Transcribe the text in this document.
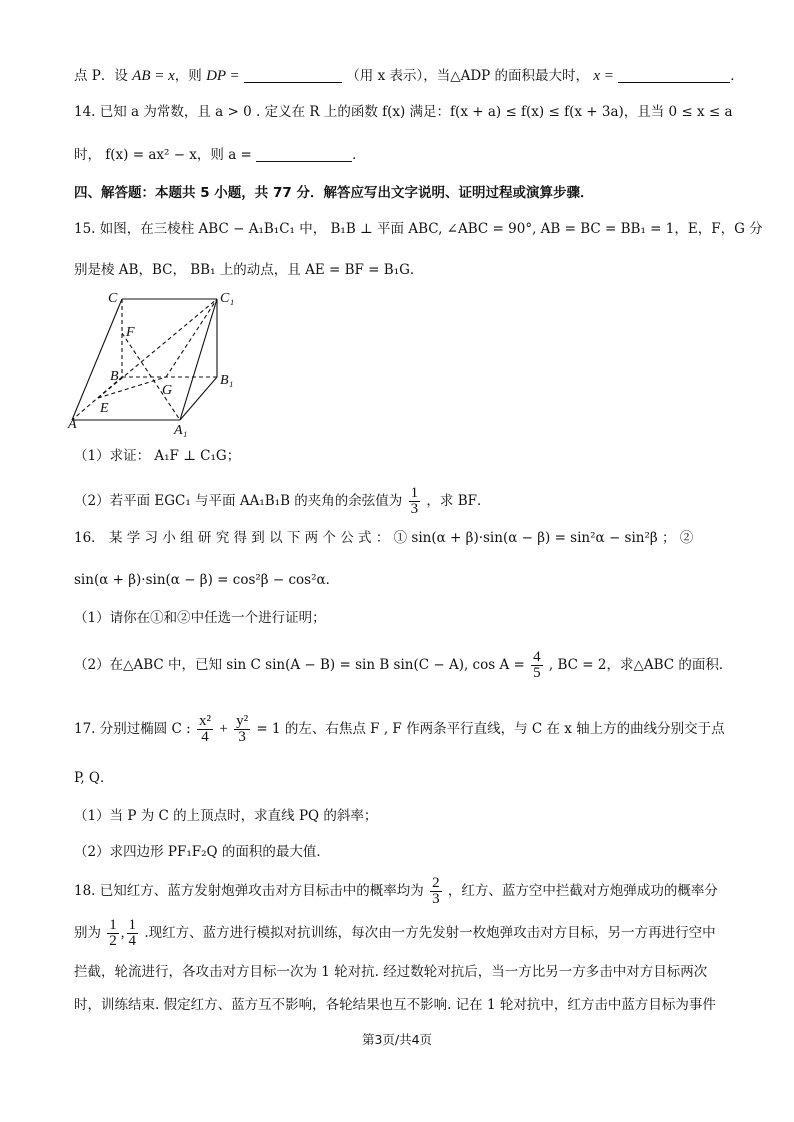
点 P．设 AB = x，则 DP =	（用 x 表示），当△ADP 的面积最大时， x =	．
14. 已知 a 为常数，且 a > 0 . 定义在 R 上的函数 f(x) 满足：f(x + a) ≤ f(x) ≤ f(x + 3a)，且当 0 ≤ x ≤ a
时， f(x) = ax² − x，则 a =	．
四、解答题：本题共 5 小题，共 77 分．解答应写出文字说明、证明过程或演算步骤．
15. 如图，在三棱柱 ABC − A₁B₁C₁ 中， B₁B ⊥ 平面 ABC, ∠ABC = 90°, AB = BC = BB₁ = 1，E，F，G 分
别是棱 AB，BC， BB₁ 上的动点，且 AE = BF = B₁G．
C	C₁
F
B
G
B₁
E
A	A₁
（1）求证： A₁F ⊥ C₁G；
（2）若平面 EGC₁ 与平面 AA₁B₁B 的夹角的余弦值为 $\frac{1}{3}$ ，求 BF．
16． 某 学 习 小 组 研 究 得 到 以 下 两 个 公 式 ： ① sin(α + β)·sin(α − β) = sin²α − sin²β ； ②
sin(α + β)·sin(α − β) = cos²β − cos²α．
（1）请你在①和②中任选一个进行证明；
（2）在△ABC 中，已知 sin C sin(A − B) = sin B sin(C − A), $\cos A = \frac{4}{5}$ , BC = 2，求△ABC 的面积．
17. 分别过椭圆 C : $\frac{\text{x²}}{4} + \frac{\text{y²}}{3} = 1$ 的左、右焦点 F , F 作两条平行直线，与 C 在 x 轴上方的曲线分别交于点
P, Q．
（1）当 P 为 C 的上顶点时，求直线 PQ 的斜率；
（2）求四边形 PF₁F₂Q 的面积的最大值．
18. 已知红方、蓝方发射炮弹攻击对方目标击中的概率均为 $\frac{2}{3}$ ，红方、蓝方空中拦截对方炮弹成功的概率分
别为 $\frac{1}{2}$ , $\frac{1}{4}$ .现红方、蓝方进行模拟对抗训练，每次由一方先发射一枚炮弹攻击对方目标，另一方再进行空中
拦截，轮流进行，各攻击对方目标一次为 1 轮对抗. 经过数轮对抗后，当一方比另一方多击中对方目标两次
时，训练结束. 假定红方、蓝方互不影响，各轮结果也互不影响. 记在 1 轮对抗中，红方击中蓝方目标为事件
第3页/共4页
